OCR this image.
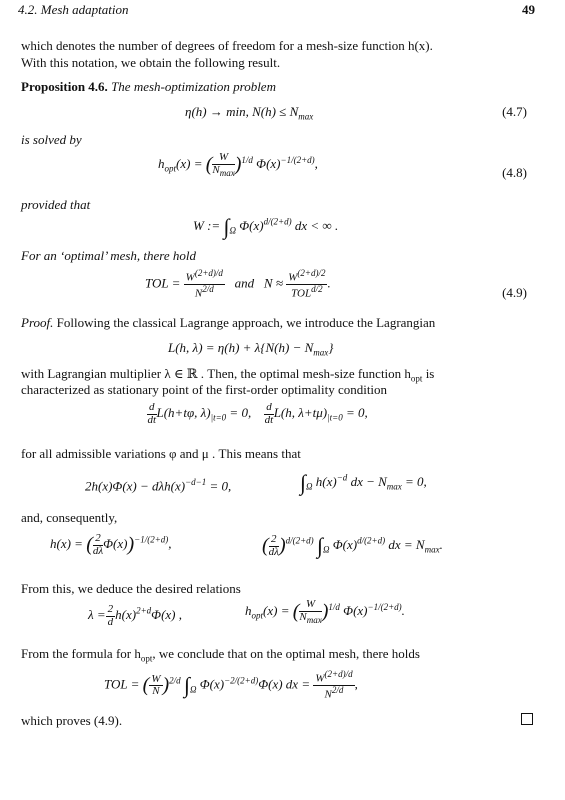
4.2. Mesh adaptation	49
which denotes the number of degrees of freedom for a mesh-size function h(x).
With this notation, we obtain the following result.
Proposition 4.6. The mesh-optimization problem
η(h) → min, $N(h) \le N_{max}$	(4.7)
is solved by
$h_{opt}(x)$ = ( $\frac{W}{N_{max}} )^{1/d}$ $\Phi(x)^{-1/(2+d)}$,
(4.8)
provided that
W := $\int_\Omega$ $\Phi(x)^{d/(2+d)}$ dx < ∞ .
For an ‘optimal’ mesh, there hold
TOL = $\frac{W^{(2+d)/d}}{N^{2/d}}$ and $N \approx \frac{W^{(2+d)/2}}{TOL^{d/2}}$ .
(4.9)
Proof. Following the classical Lagrange approach, we introduce the Lagrangian
L(h, $\lambda) = \eta(h) + \lambda\{N(h) - N_{max}\}$
with Lagrangian multiplier λ ∈ ℝ . Then, the optimal mesh-size function $h_{opt}$ is
characterized as stationary point of the first-order optimality condition
$\frac{d}{dt} L(h+t\varphi$, $\lambda)_{|t=0} = 0$, $\frac{d}{dt} L(h$, $\lambda+t\mu)_{|t=0} = 0$,
for all admissible variations φ and μ . This means that
$2h(x)\Phi(x) - d\lambda h(x)^{-d-1} = 0$,	$\int_\Omega$ $h(x)^{-d}$ dx − $N_{max} = 0$,
and, consequently,
h(x) = ( $\frac{2}{d\lambda} \Phi(x))^{-1/(2+d)}$,	( $\frac{2}{d\lambda} )^{d/(2+d)}$ $\int_\Omega$ $\Phi(x)^{d/(2+d)}$ dx = $N_{max}$.
From this, we deduce the desired relations
$\lambda = \frac{2}{d} h(x)^{2+d}\Phi(x)$ ,	$h_{opt}(x)$ = ( $\frac{W}{N_{max}} )^{1/d}$ $\Phi(x)^{-1/(2+d)}$.
From the formula for $h_{opt}$, we conclude that on the optimal mesh, there holds
TOL = ( $\frac{W}{N} )^{2/d}$ $\int_\Omega$ $\Phi(x)^{-2/(2+d)}\Phi(x)$ dx = $\frac{W^{(2+d)/d}}{N^{2/d}}$ ,
which proves (4.9).
